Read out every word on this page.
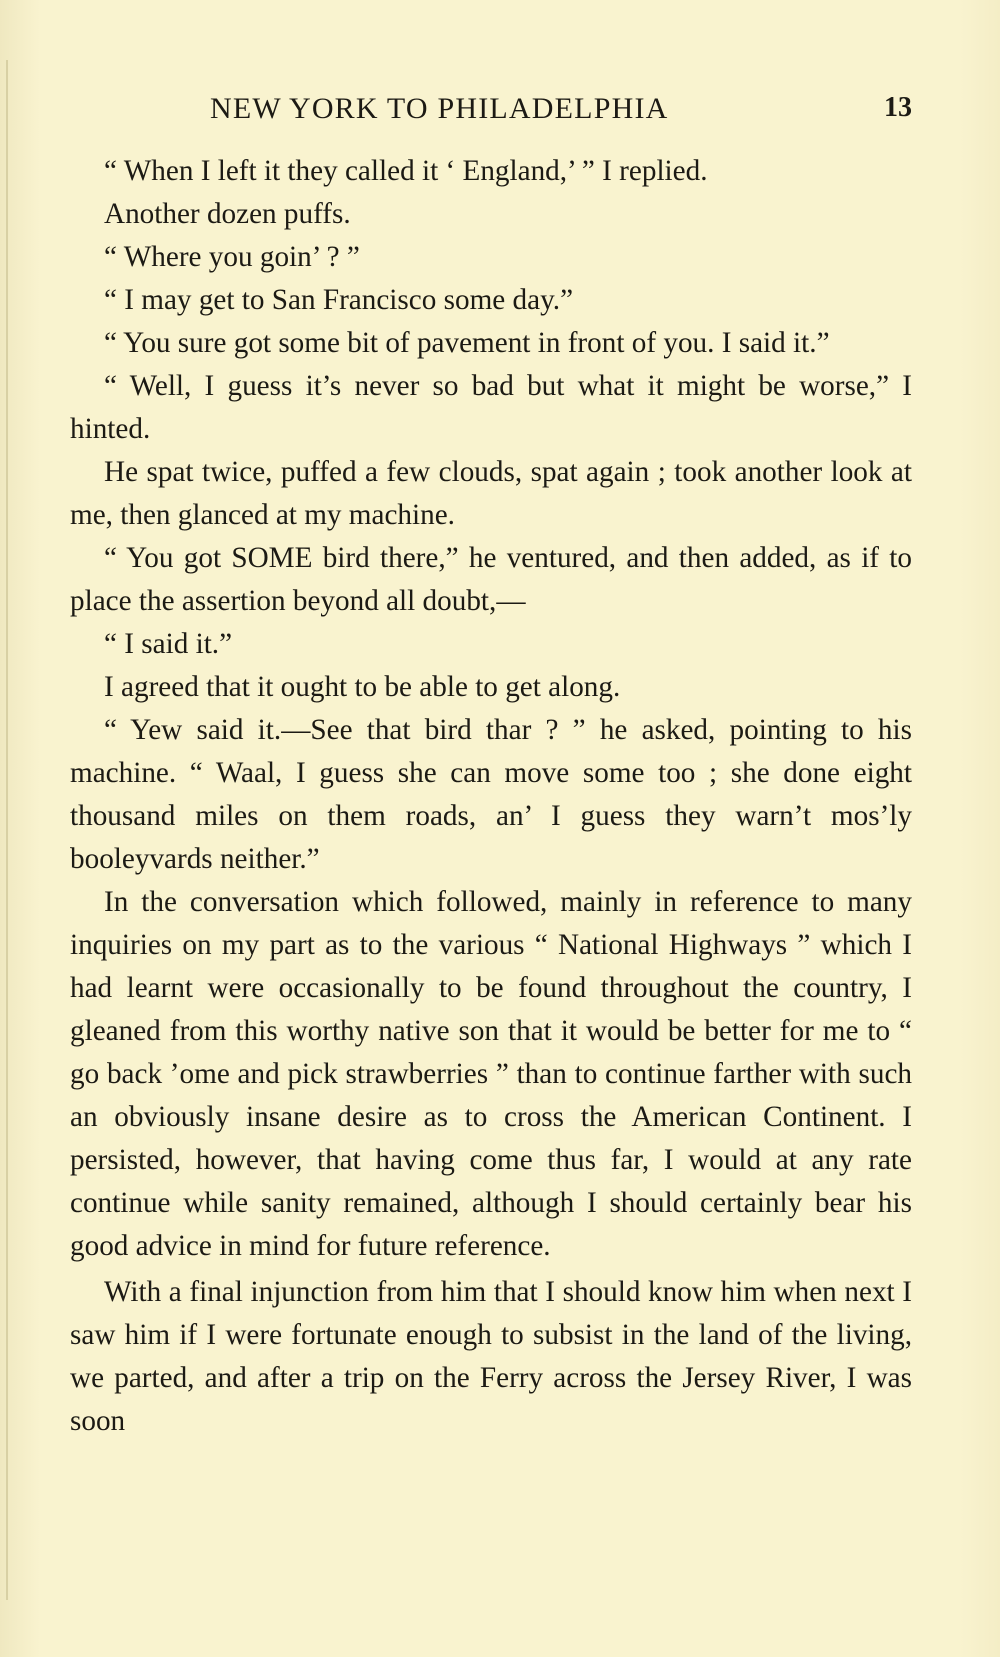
NEW YORK TO PHILADELPHIA	13

“ When I left it they called it ‘ England,’ ” I replied.

Another dozen puffs.

“ Where you goin’ ? ”

“ I may get to San Francisco some day.”

“ You sure got some bit of pavement in front of you. I said it.”

“ Well, I guess it’s never so bad but what it might be worse,” I hinted.

He spat twice, puffed a few clouds, spat again ; took another look at me, then glanced at my machine.

“ You got SOME bird there,” he ventured, and then added, as if to place the assertion beyond all doubt,—

“ I said it.”

I agreed that it ought to be able to get along.

“ Yew said it.—See that bird thar ? ” he asked, pointing to his machine. “ Waal, I guess she can move some too ; she done eight thousand miles on them roads, an’ I guess they warn’t mos’ly booleyvards neither.”

In the conversation which followed, mainly in reference to many inquiries on my part as to the various “ National Highways ” which I had learnt were occasionally to be found throughout the country, I gleaned from this worthy native son that it would be better for me to “ go back ’ome and pick strawberries ” than to continue farther with such an obviously insane desire as to cross the American Continent. I persisted, however, that having come thus far, I would at any rate continue while sanity remained, although I should certainly bear his good advice in mind for future reference.

With a final injunction from him that I should know him when next I saw him if I were fortunate enough to subsist in the land of the living, we parted, and after a trip on the Ferry across the Jersey River, I was soon
